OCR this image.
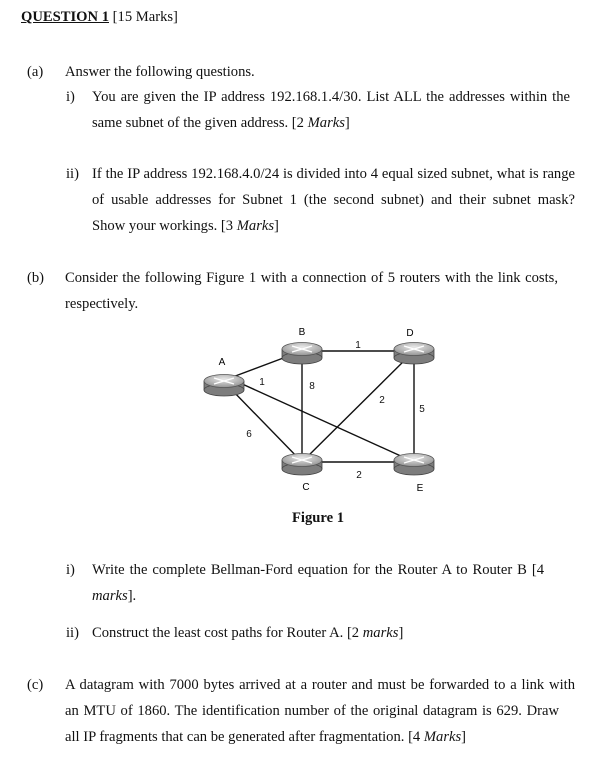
QUESTION 1 [15 Marks]
(a) Answer the following questions.
i) You are given the IP address 192.168.1.4/30. List ALL the addresses within the
same subnet of the given address. [2 Marks]
ii) If the IP address 192.168.4.0/24 is divided into 4 equal sized subnet, what is range
of usable addresses for Subnet 1 (the second subnet) and their subnet mask?
Show your workings. [3 Marks]
(b) Consider the following Figure 1 with a connection of 5 routers with the link costs,
respectively.
A
B
C
D
E
1
6
8
1
2
5
2
Figure 1
i) Write the complete Bellman-Ford equation for the Router A to Router B [4
marks].
ii) Construct the least cost paths for Router A. [2 marks]
(c) A datagram with 7000 bytes arrived at a router and must be forwarded to a link with
an MTU of 1860. The identification number of the original datagram is 629. Draw
all IP fragments that can be generated after fragmentation. [4 Marks]
